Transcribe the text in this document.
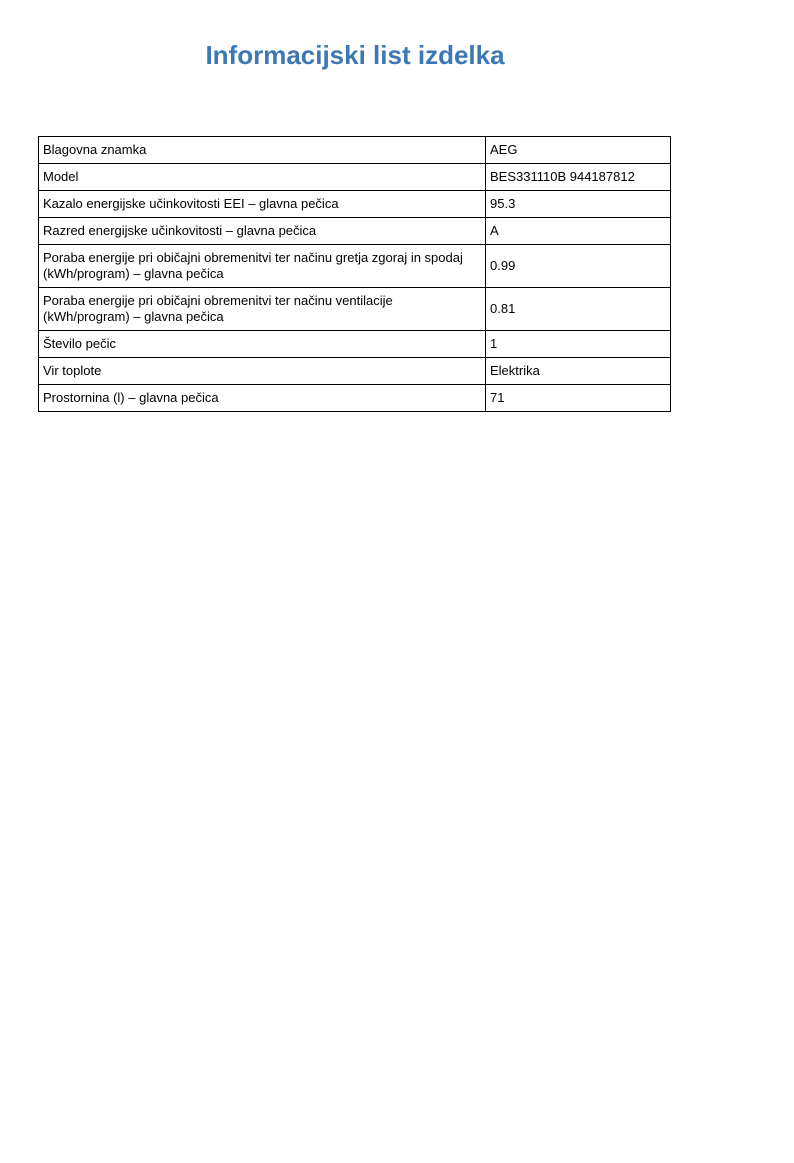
Informacijski list izdelka
Blagovna znamka	AEG
Model	BES331110B 944187812
Kazalo energijske učinkovitosti EEI – glavna pečica	95.3
Razred energijske učinkovitosti – glavna pečica	A
Poraba energije pri običajni obremenitvi ter načinu gretja zgoraj in spodaj (kWh/program) – glavna pečica	0.99
Poraba energije pri običajni obremenitvi ter načinu ventilacije (kWh/program) – glavna pečica	0.81
Število pečic	1
Vir toplote	Elektrika
Prostornina (l) – glavna pečica	71
